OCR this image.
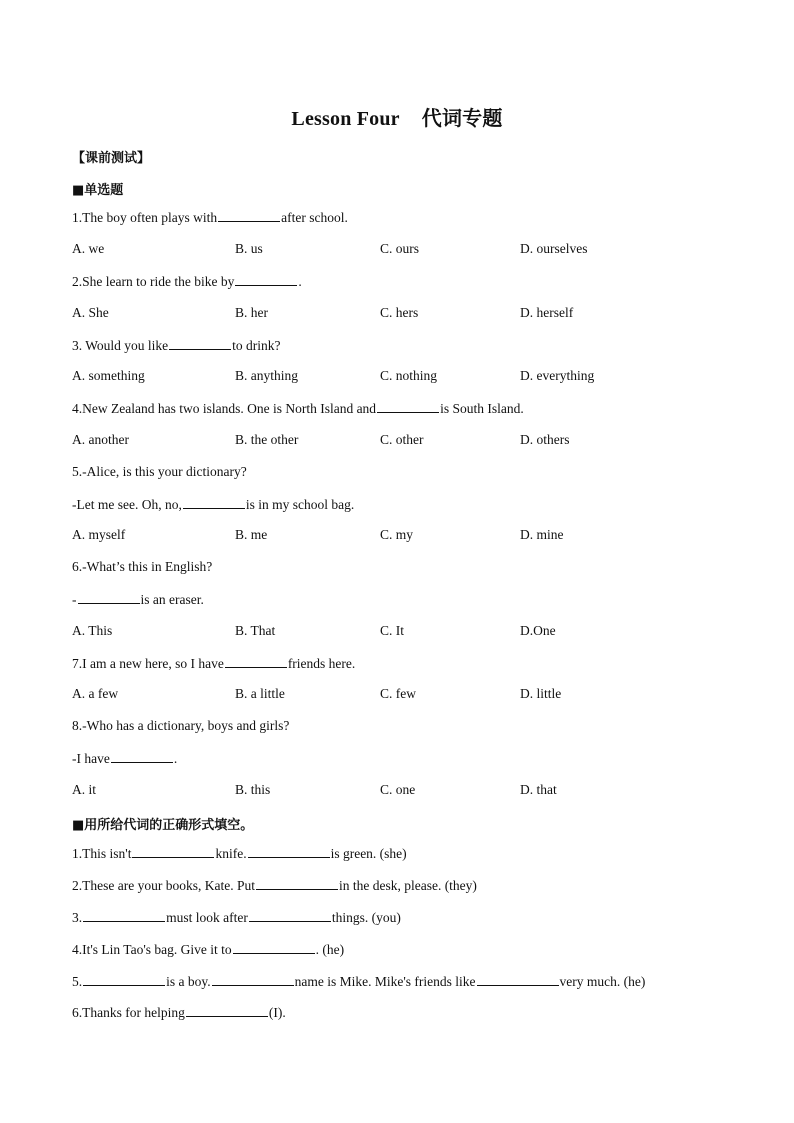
Lesson Four 代词专题
【课前测试】
■单选题
1.The boy often plays with	after school.
A. we	B. us	C. ours	D. ourselves
2.She learn to ride the bike by	.
A. She	B. her	C. hers	D. herself
3. Would you like	to drink?
A. something	B. anything	C. nothing	D. everything
4.New Zealand has two islands. One is North Island and	is South Island.
A. another	B. the other	C. other	D. others
5.-Alice, is this your dictionary?
-Let me see. Oh, no,	is in my school bag.
A. myself	B. me	C. my	D. mine
6.-What’s this in English?
-	is an eraser.
A. This	B. That	C. It	D.One
7.I am a new here, so I have	friends here.
A. a few	B. a little	C. few	D. little
8.-Who has a dictionary, boys and girls?
-I have	.
A. it	B. this	C. one	D. that
■用所给代词的正确形式填空。
1.This isn't	knife.	is green. (she)
2.These are your books, Kate. Put	in the desk, please. (they)
3.	must look after	things. (you)
4.It's Lin Tao's bag. Give it to	. (he)
5.	is a boy.	name is Mike. Mike's friends like	very much. (he)
6.Thanks for helping	(I).
